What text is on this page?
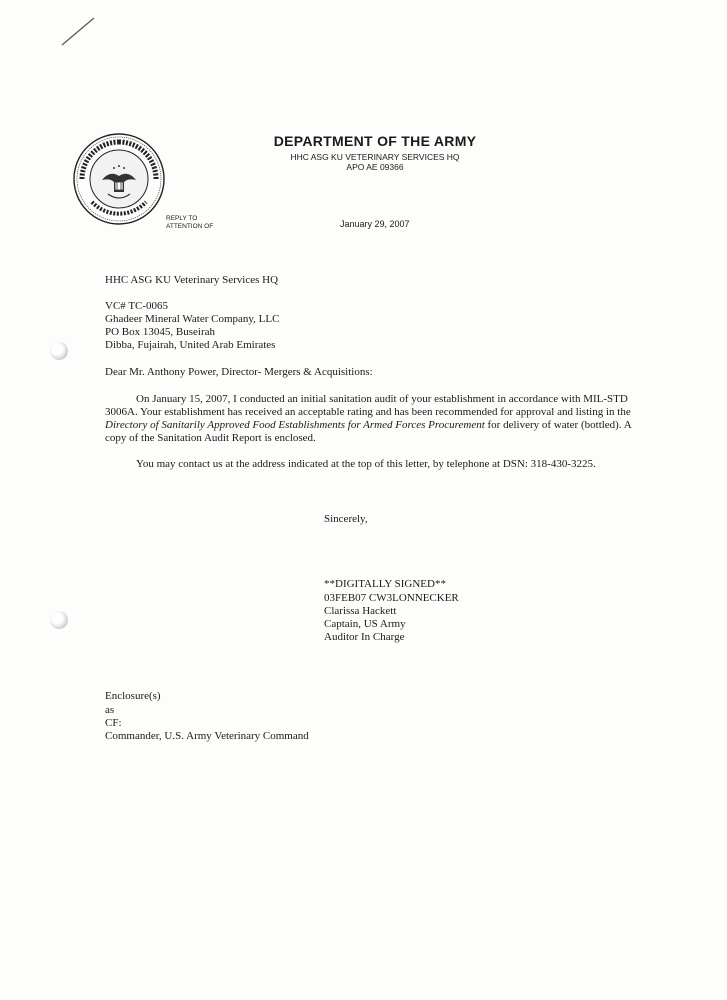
DEPARTMENT OF THE ARMY
HHC ASG KU VETERINARY SERVICES HQ
APO AE 09366
REPLY TO
ATTENTION OF	January 29, 2007
HHC ASG KU Veterinary Services HQ
VC# TC-0065
Ghadeer Mineral Water Company, LLC
PO Box 13045, Buseirah
Dibba, Fujairah, United Arab Emirates
Dear Mr. Anthony Power, Director- Mergers & Acquisitions:

On January 15, 2007, I conducted an initial sanitation audit of your establishment in accordance with MIL-STD 3006A. Your establishment has received an acceptable rating and has been recommended for approval and listing in the Directory of Sanitarily Approved Food Establishments for Armed Forces Procurement for delivery of water (bottled). A copy of the Sanitation Audit Report is enclosed.

You may contact us at the address indicated at the top of this letter, by telephone at DSN: 318-430-3225.

Sincerely,
**DIGITALLY SIGNED**
03FEB07 CW3LONNECKER
Clarissa Hackett
Captain, US Army
Auditor In Charge
Enclosure(s)
as
CF:
Commander, U.S. Army Veterinary Command
